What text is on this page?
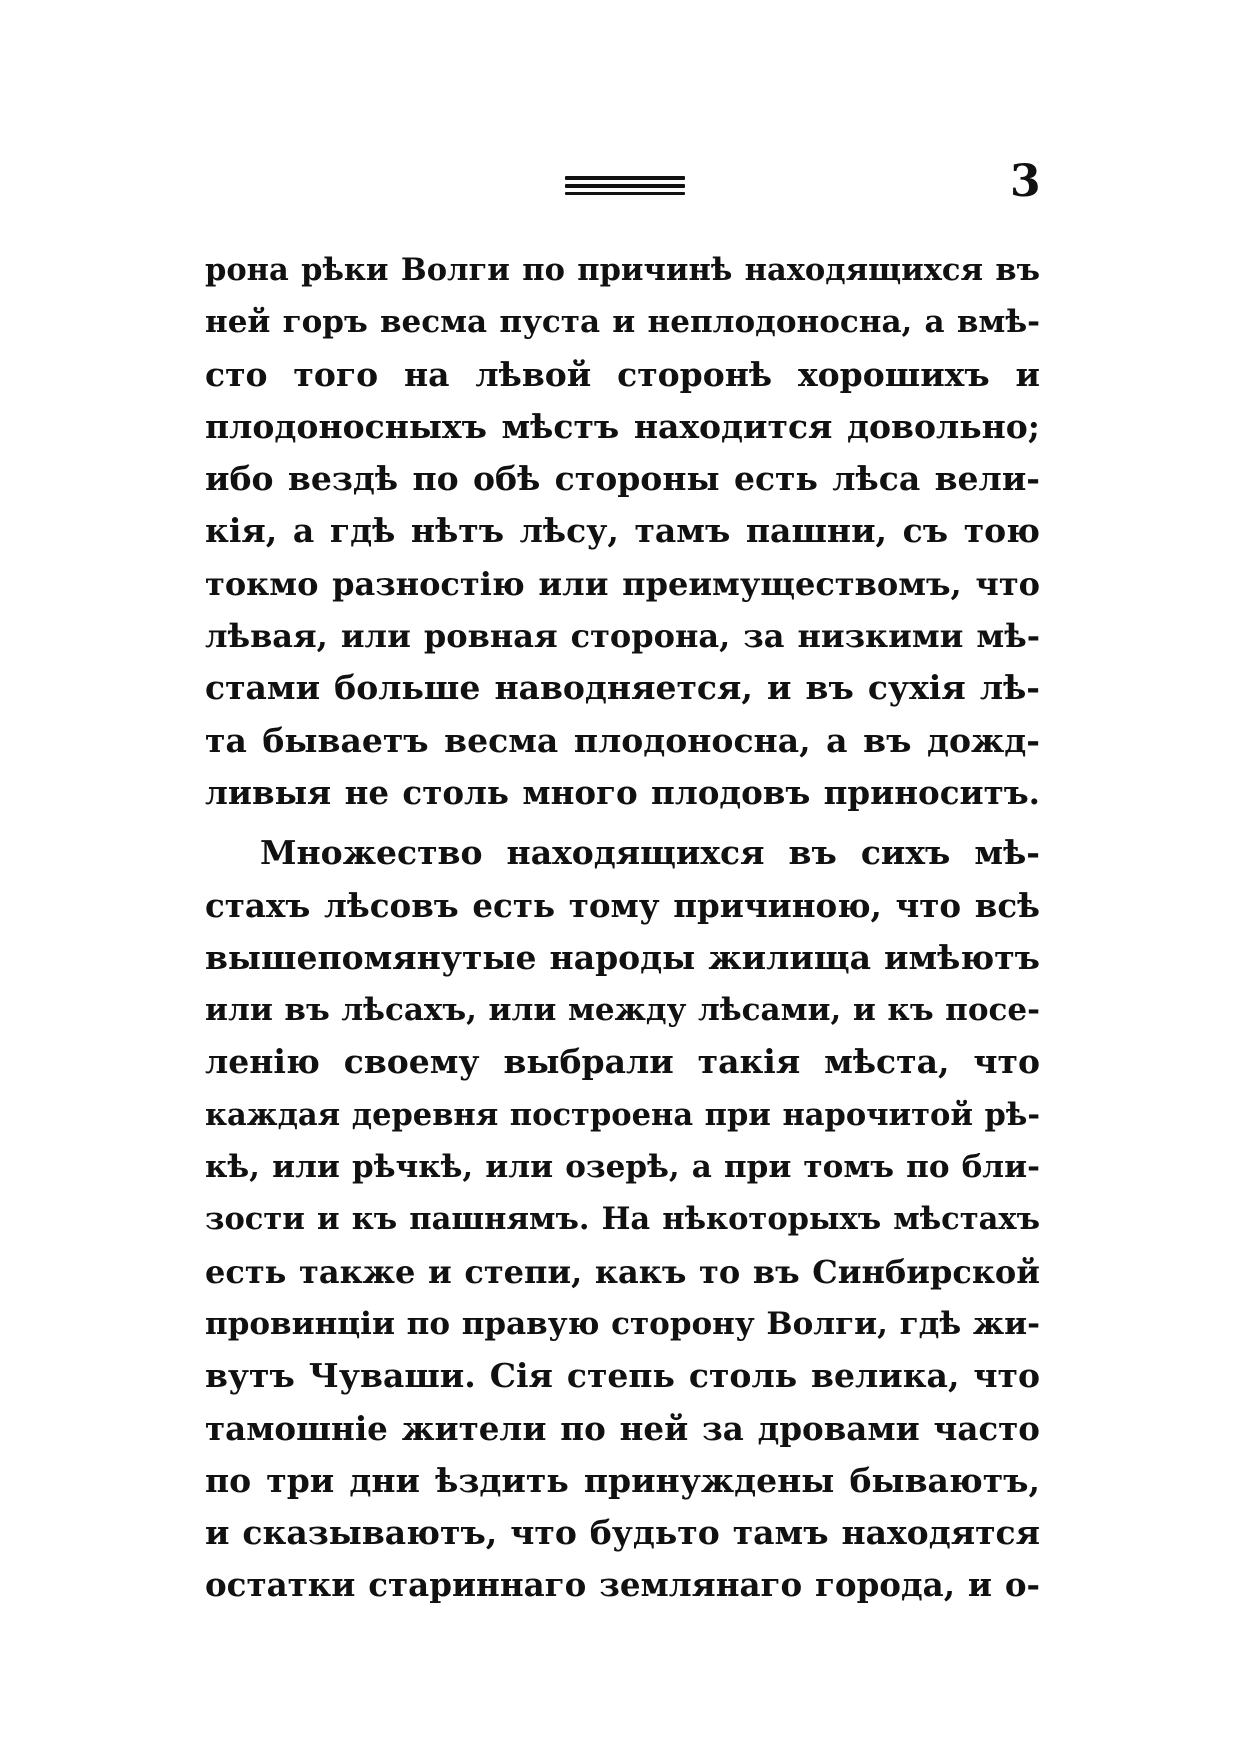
3

рона рѣки Волги по причинѣ находящихся въ
ней горъ весма пуста и неплодоносна, а вмѣ-
сто того на лѣвой сторонѣ хорошихъ и
плодоносныхъ мѣстъ находится довольно;
ибо вездѣ по обѣ стороны есть лѣса вели-
кія, а гдѣ нѣтъ лѣсу, тамъ пашни, съ тою
токмо разностію или преимуществомъ, что
лѣвая, или ровная сторона, за низкими мѣ-
стами больше наводняется, и въ сухія лѣ-
та бываетъ весма плодоносна, а въ дожд-
ливыя не столь много плодовъ приноситъ.

Множество находящихся въ сихъ мѣ-
стахъ лѣсовъ есть тому причиною, что всѣ
вышепомянутые народы жилища имѣютъ
или въ лѣсахъ, или между лѣсами, и къ посе-
ленію своему выбрали такія мѣста, что
каждая деревня построена при нарочитой рѣ-
кѣ, или рѣчкѣ, или озерѣ, а при томъ по бли-
зости и къ пашнямъ. На нѣкоторыхъ мѣстахъ
есть также и степи, какъ то въ Синбирской
провинціи по правую сторону Волги, гдѣ жи-
вутъ Чуваши. Сія степь столь велика, что
тамошніе жители по ней за дровами часто
по три дни ѣздить принуждены бываютъ,
и сказываютъ, что будьто тамъ находятся
остатки стариннаго землянаго города, и о-
